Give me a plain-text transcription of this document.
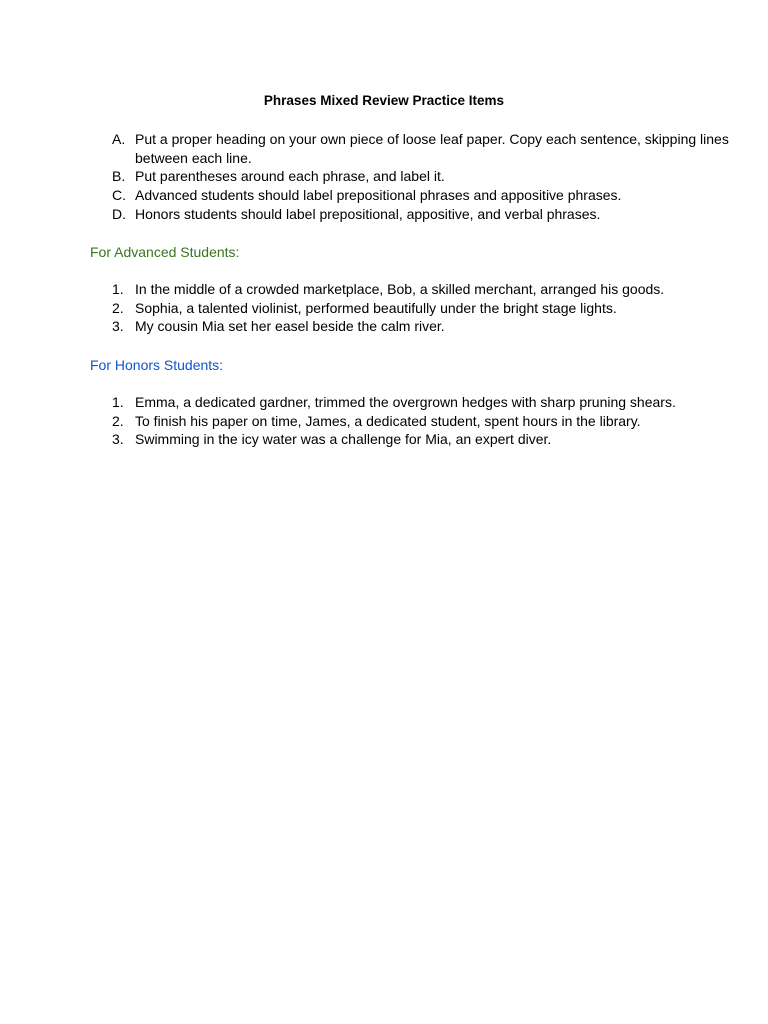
Phrases Mixed Review Practice Items
A. Put a proper heading on your own piece of loose leaf paper. Copy each sentence, skipping lines between each line.
B. Put parentheses around each phrase, and label it.
C. Advanced students should label prepositional phrases and appositive phrases.
D. Honors students should label prepositional, appositive, and verbal phrases.
For Advanced Students:
1. In the middle of a crowded marketplace, Bob, a skilled merchant, arranged his goods.
2. Sophia, a talented violinist, performed beautifully under the bright stage lights.
3. My cousin Mia set her easel beside the calm river.
For Honors Students:
1. Emma, a dedicated gardner, trimmed the overgrown hedges with sharp pruning shears.
2. To finish his paper on time, James, a dedicated student, spent hours in the library.
3. Swimming in the icy water was a challenge for Mia, an expert diver.
